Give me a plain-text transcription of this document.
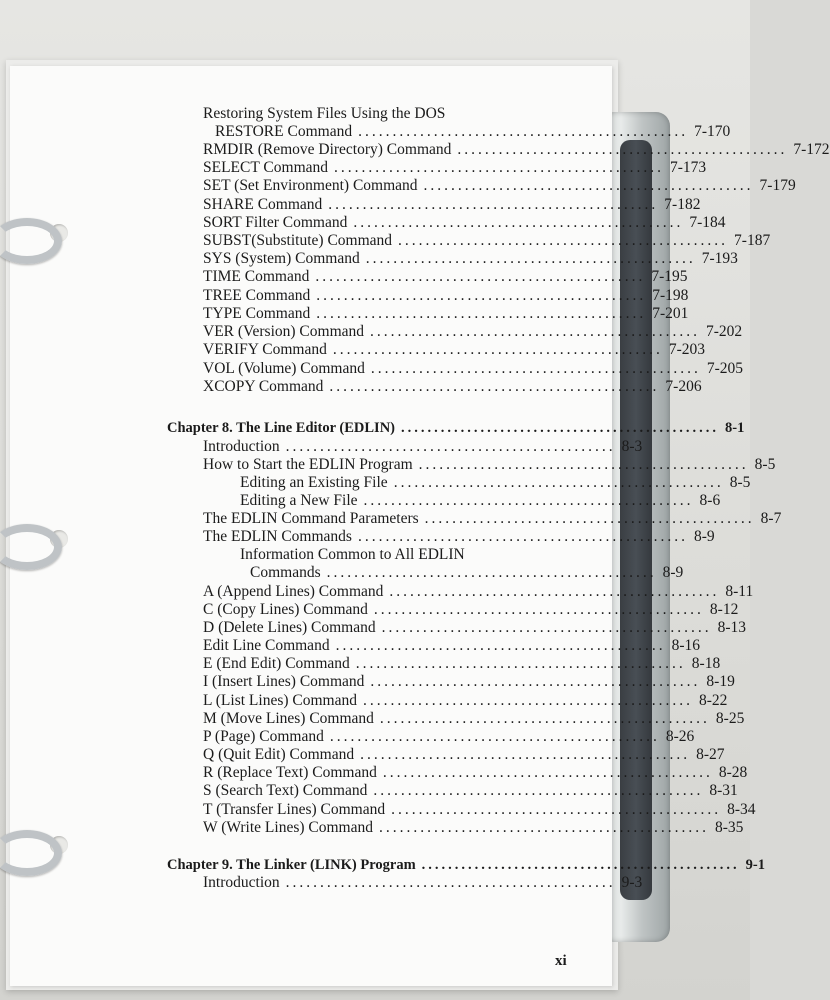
Restoring System Files Using the DOS
RESTORE Command ................................................ 7-170
RMDIR (Remove Directory) Command ................................................ 7-172
SELECT Command ................................................ 7-173
SET (Set Environment) Command ................................................ 7-179
SHARE Command ................................................ 7-182
SORT Filter Command ................................................ 7-184
SUBST(Substitute) Command ................................................ 7-187
SYS (System) Command ................................................ 7-193
TIME Command ................................................ 7-195
TREE Command ................................................ 7-198
TYPE Command ................................................ 7-201
VER (Version) Command ................................................ 7-202
VERIFY Command ................................................ 7-203
VOL (Volume) Command ................................................ 7-205
XCOPY Command ................................................ 7-206
Chapter 8. The Line Editor (EDLIN) ................................................ 8-1
Introduction ................................................ 8-3
How to Start the EDLIN Program ................................................ 8-5
Editing an Existing File ................................................ 8-5
Editing a New File ................................................ 8-6
The EDLIN Command Parameters ................................................ 8-7
The EDLIN Commands ................................................ 8-9
Information Common to All EDLIN
Commands ................................................ 8-9
A (Append Lines) Command ................................................ 8-11
C (Copy Lines) Command ................................................ 8-12
D (Delete Lines) Command ................................................ 8-13
Edit Line Command ................................................ 8-16
E (End Edit) Command ................................................ 8-18
I (Insert Lines) Command ................................................ 8-19
L (List Lines) Command ................................................ 8-22
M (Move Lines) Command ................................................ 8-25
P (Page) Command ................................................ 8-26
Q (Quit Edit) Command ................................................ 8-27
R (Replace Text) Command ................................................ 8-28
S (Search Text) Command ................................................ 8-31
T (Transfer Lines) Command ................................................ 8-34
W (Write Lines) Command ................................................ 8-35
Chapter 9. The Linker (LINK) Program ................................................ 9-1
Introduction ................................................ 9-3
xi
